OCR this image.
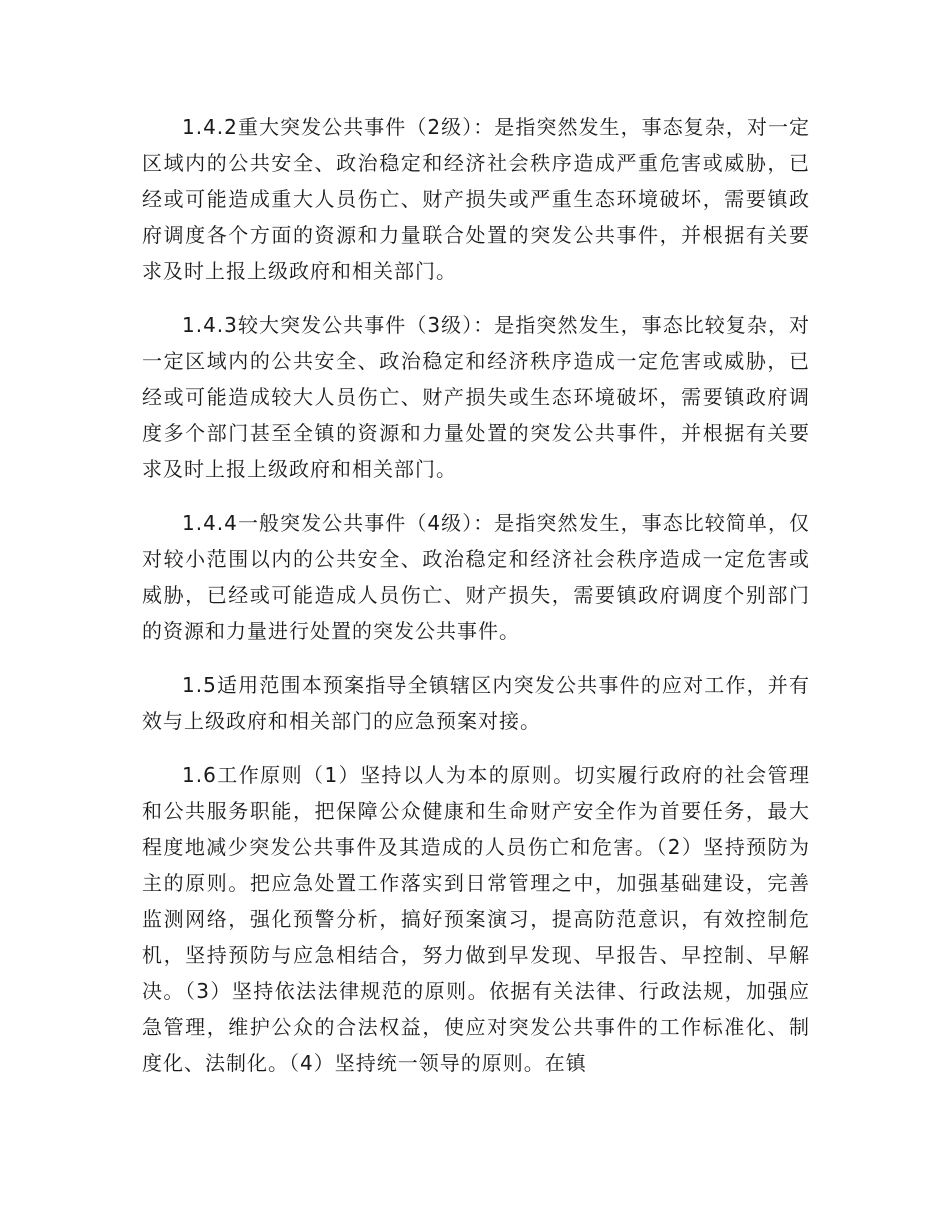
1.4.2重大突发公共事件（2级）：是指突然发生，事态复杂，对一定区域内的公共安全、政治稳定和经济社会秩序造成严重危害或威胁，已经或可能造成重大人员伤亡、财产损失或严重生态环境破坏，需要镇政府调度各个方面的资源和力量联合处置的突发公共事件，并根据有关要求及时上报上级政府和相关部门。

1.4.3较大突发公共事件（3级）：是指突然发生，事态比较复杂，对一定区域内的公共安全、政治稳定和经济秩序造成一定危害或威胁，已经或可能造成较大人员伤亡、财产损失或生态环境破坏，需要镇政府调度多个部门甚至全镇的资源和力量处置的突发公共事件，并根据有关要求及时上报上级政府和相关部门。

1.4.4一般突发公共事件（4级）：是指突然发生，事态比较简单，仅对较小范围以内的公共安全、政治稳定和经济社会秩序造成一定危害或威胁，已经或可能造成人员伤亡、财产损失，需要镇政府调度个别部门的资源和力量进行处置的突发公共事件。

1.5适用范围本预案指导全镇辖区内突发公共事件的应对工作，并有效与上级政府和相关部门的应急预案对接。

1.6工作原则（1）坚持以人为本的原则。切实履行政府的社会管理和公共服务职能，把保障公众健康和生命财产安全作为首要任务，最大程度地减少突发公共事件及其造成的人员伤亡和危害。（2）坚持预防为主的原则。把应急处置工作落实到日常管理之中，加强基础建设，完善监测网络，强化预警分析，搞好预案演习，提高防范意识，有效控制危机，坚持预防与应急相结合，努力做到早发现、早报告、早控制、早解决。（3）坚持依法法律规范的原则。依据有关法律、行政法规，加强应急管理，维护公众的合法权益，使应对突发公共事件的工作标准化、制度化、法制化。（4）坚持统一领导的原则。在镇
